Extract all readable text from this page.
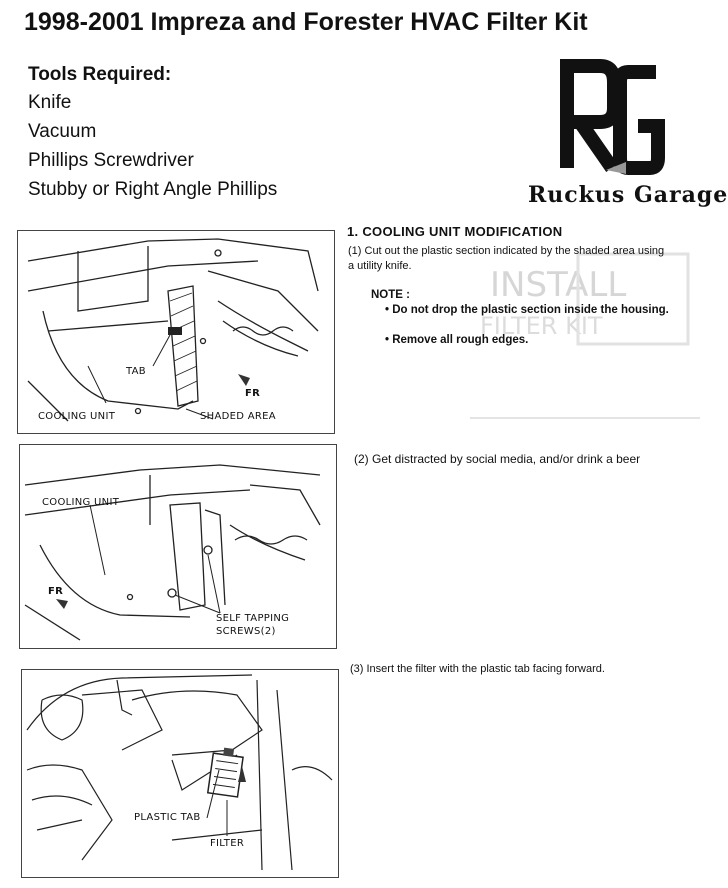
1998-2001 Impreza and Forester HVAC Filter Kit
Tools Required:
Knife
Vacuum
Phillips Screwdriver
Stubby or Right Angle Phillips	Ruckus Garage
INSTALL
FILTER KIT
TAB
COOLING UNIT	SHADED AREA
FR
1. COOLING UNIT MODIFICATION
(1) Cut out the plastic section indicated by the shaded area using a utility knife.
NOTE :
• Do not drop the plastic section inside the housing.
• Remove all rough edges.
COOLING UNIT
FR
SELF TAPPING
SCREWS(2)
(2) Get distracted by social media, and/or drink a beer
PLASTIC TAB
FILTER
(3) Insert the filter with the plastic tab facing forward.
